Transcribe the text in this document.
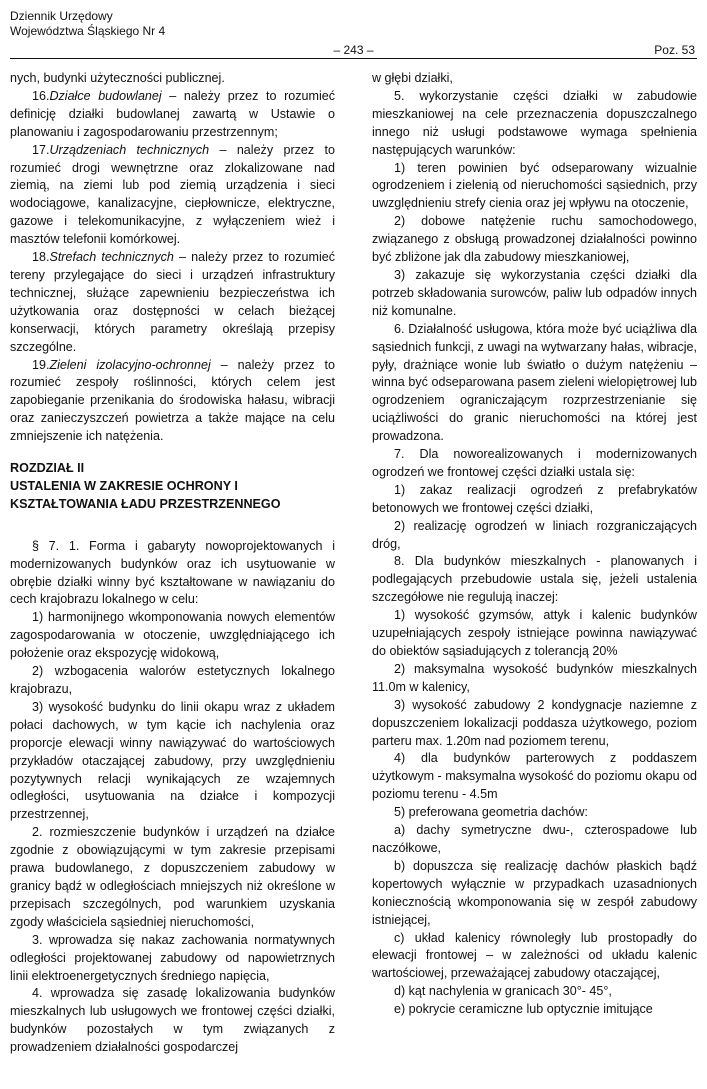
Dziennik Urzędowy
Województwa Śląskiego Nr 4
– 243 –	Poz. 53

nych, budynki użyteczności publicznej.

16.Działce budowlanej – należy przez to rozumieć definicję działki budowlanej zawartą w Ustawie o planowaniu i zagospodarowaniu przestrzennym;

17.Urządzeniach technicznych – należy przez to rozumieć drogi wewnętrzne oraz zlokalizowane nad ziemią, na ziemi lub pod ziemią urządzenia i sieci wodociągowe, kanalizacyjne, ciepłownicze, elektryczne, gazowe i telekomunikacyjne, z wyłączeniem wież i masztów telefonii komórkowej.

18.Strefach technicznych – należy przez to rozumieć tereny przylegające do sieci i urządzeń infrastruktury technicznej, służące zapewnieniu bezpieczeństwa ich użytkowania oraz dostępności w celach bieżącej konserwacji, których parametry określają przepisy szczególne.

19.Zieleni izolacyjno-ochronnej – należy przez to rozumieć zespoły roślinności, których celem jest zapobieganie przenikania do środowiska hałasu, wibracji oraz zanieczyszczeń powietrza a także mające na celu zmniejszenie ich natężenia.

ROZDZIAŁ II
USTALENIA W ZAKRESIE OCHRONY I KSZTAŁTOWANIA ŁADU PRZESTRZENNEGO

§ 7. 1. Forma i gabaryty nowoprojektowanych i modernizowanych budynków oraz ich usytuowanie w obrębie działki winny być kształtowane w nawiązaniu do cech krajobrazu lokalnego w celu:

1) harmonijnego wkomponowania nowych elementów zagospodarowania w otoczenie, uwzględniającego ich położenie oraz ekspozycję widokową,

2) wzbogacenia walorów estetycznych lokalnego krajobrazu,

3) wysokość budynku do linii okapu wraz z układem połaci dachowych, w tym kącie ich nachylenia oraz proporcje elewacji winny nawiązywać do wartościowych przykładów otaczającej zabudowy, przy uwzględnieniu pozytywnych relacji wynikających ze wzajemnych odległości, usytuowania na działce i kompozycji przestrzennej,

2. rozmieszczenie budynków i urządzeń na działce zgodnie z obowiązującymi w tym zakresie przepisami prawa budowlanego, z dopuszczeniem zabudowy w granicy bądź w odległościach mniejszych niż określone w przepisach szczególnych, pod warunkiem uzyskania zgody właściciela sąsiedniej nieruchomości,

3. wprowadza się nakaz zachowania normatywnych odległości projektowanej zabudowy od napowietrznych linii elektroenergetycznych średniego napięcia,

4. wprowadza się zasadę lokalizowania budynków mieszkalnych lub usługowych we frontowej części działki, budynków pozostałych w tym związanych z prowadzeniem działalności gospodarczej

w głębi działki,

5. wykorzystanie części działki w zabudowie mieszkaniowej na cele przeznaczenia dopuszczalnego innego niż usługi podstawowe wymaga spełnienia następujących warunków:

1) teren powinien być odseparowany wizualnie ogrodzeniem i zielenią od nieruchomości sąsiednich, przy uwzględnieniu strefy cienia oraz jej wpływu na otoczenie,

2) dobowe natężenie ruchu samochodowego, związanego z obsługą prowadzonej działalności powinno być zbliżone jak dla zabudowy mieszkaniowej,

3) zakazuje się wykorzystania części działki dla potrzeb składowania surowców, paliw lub odpadów innych niż komunalne.

6. Działalność usługowa, która może być uciążliwa dla sąsiednich funkcji, z uwagi na wytwarzany hałas, wibracje, pyły, drażniące wonie lub światło o dużym natężeniu – winna być odseparowana pasem zieleni wielopiętrowej lub ogrodzeniem ograniczającym rozprzestrzenianie się uciążliwości do granic nieruchomości na której jest prowadzona.

7. Dla noworealizowanych i modernizowanych ogrodzeń we frontowej części działki ustala się:

1) zakaz realizacji ogrodzeń z prefabrykatów betonowych we frontowej części działki,

2) realizację ogrodzeń w liniach rozgraniczających dróg,

8. Dla budynków mieszkalnych - planowanych i podlegających przebudowie ustala się, jeżeli ustalenia szczegółowe nie regulują inaczej:

1) wysokość gzymsów, attyk i kalenic budynków uzupełniających zespoły istniejące powinna nawiązywać do obiektów sąsiadujących z tolerancją 20%

2) maksymalna wysokość budynków mieszkalnych 11.0m w kalenicy,

3) wysokość zabudowy 2 kondygnacje naziemne z dopuszczeniem lokalizacji poddasza użytkowego, poziom parteru max. 1.20m nad poziomem terenu,

4) dla budynków parterowych z poddaszem użytkowym - maksymalna wysokość do poziomu okapu od poziomu terenu - 4.5m

5) preferowana geometria dachów:

a) dachy symetryczne dwu-, czterospadowe lub naczółkowe,

b) dopuszcza się realizację dachów płaskich bądź kopertowych wyłącznie w przypadkach uzasadnionych koniecznością wkomponowania się w zespół zabudowy istniejącej,

c) układ kalenicy równoległy lub prostopadły do elewacji frontowej – w zależności od układu kalenic wartościowej, przeważającej zabudowy otaczającej,

d) kąt nachylenia w granicach 30°- 45°,

e) pokrycie ceramiczne lub optycznie imitujące
